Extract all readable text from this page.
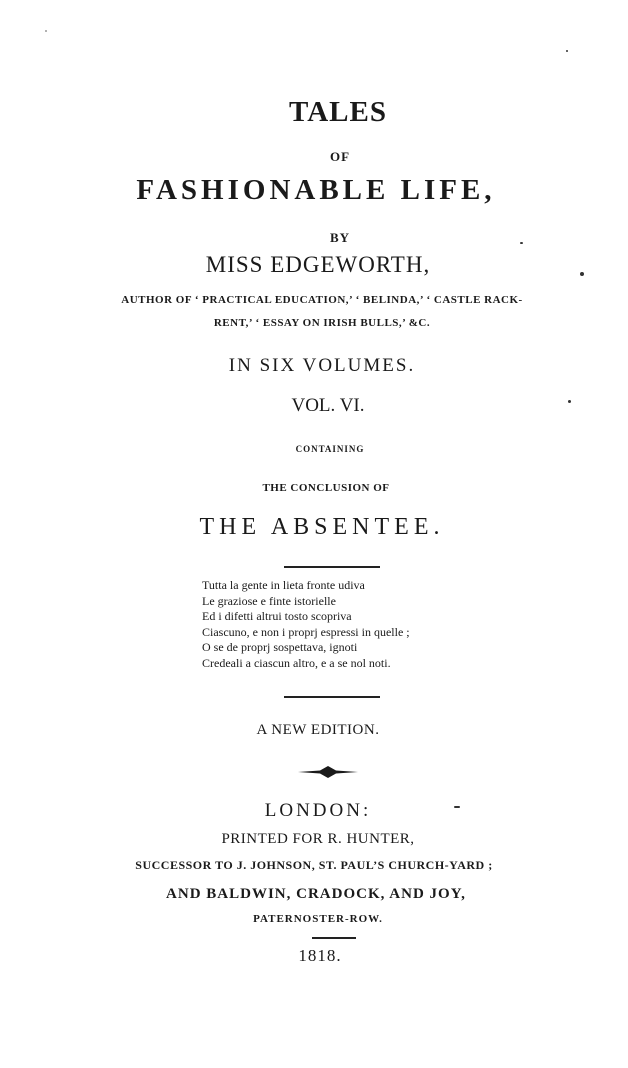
TALES
OF
FASHIONABLE LIFE,
BY
MISS EDGEWORTH,
AUTHOR OF ‘ PRACTICAL EDUCATION,’ ‘ BELINDA,’ ‘ CASTLE RACK-
RENT,’ ‘ ESSAY ON IRISH BULLS,’ &C.
IN SIX VOLUMES.
VOL. VI.
CONTAINING
THE CONCLUSION OF
THE ABSENTEE.
Tutta la gente in lieta fronte udiva
Le graziose e finte istorielle
Ed i difetti altrui tosto scopriva
Ciascuno, e non i proprj espressi in quelle ;
O se de proprj sospettava, ignoti
Credeali a ciascun altro, e a se nol noti.
A NEW EDITION.
LONDON:
PRINTED FOR R. HUNTER,
SUCCESSOR TO J. JOHNSON, ST. PAUL’S CHURCH-YARD ;
AND BALDWIN, CRADOCK, AND JOY,
PATERNOSTER-ROW.
1818.
